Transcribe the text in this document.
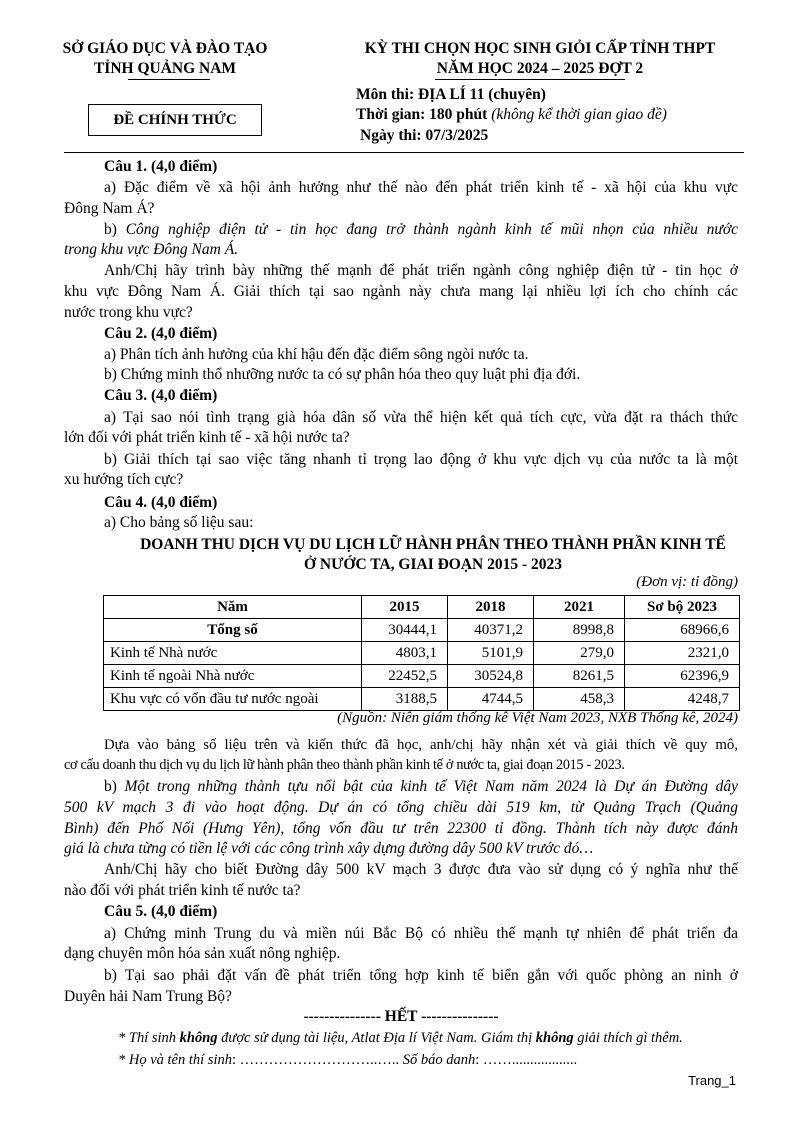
SỞ GIÁO DỤC VÀ ĐÀO TẠO
TỈNH QUẢNG NAM
KỲ THI CHỌN HỌC SINH GIỎI CẤP TỈNH THPT
NĂM HỌC 2024 – 2025 ĐỢT 2
ĐỀ CHÍNH THỨC
Môn thi: ĐỊA LÍ 11 (chuyên)
Thời gian: 180 phút (không kể thời gian giao đề)
Ngày thi: 07/3/2025
Câu 1. (4,0 điểm)
a) Đặc điểm về xã hội ảnh hưởng như thế nào đến phát triển kinh tế - xã hội của khu vực
Đông Nam Á?
b) Công nghiệp điện tử - tin học đang trở thành ngành kinh tế mũi nhọn của nhiều nước
trong khu vực Đông Nam Á.
Anh/Chị hãy trình bày những thế mạnh để phát triển ngành công nghiệp điện tử - tin học ở
khu vực Đông Nam Á. Giải thích tại sao ngành này chưa mang lại nhiều lợi ích cho chính các
nước trong khu vực?
Câu 2. (4,0 điểm)
a) Phân tích ảnh hưởng của khí hậu đến đặc điểm sông ngòi nước ta.
b) Chứng minh thổ nhưỡng nước ta có sự phân hóa theo quy luật phi địa đới.
Câu 3. (4,0 điểm)
a) Tại sao nói tình trạng già hóa dân số vừa thể hiện kết quả tích cực, vừa đặt ra thách thức
lớn đối với phát triển kinh tế - xã hội nước ta?
b) Giải thích tại sao việc tăng nhanh tỉ trọng lao động ở khu vực dịch vụ của nước ta là một
xu hướng tích cực?
Câu 4. (4,0 điểm)
a) Cho bảng số liệu sau:
DOANH THU DỊCH VỤ DU LỊCH LỮ HÀNH PHÂN THEO THÀNH PHẦN KINH TẾ
Ở NƯỚC TA, GIAI ĐOẠN 2015 - 2023
(Đơn vị: tỉ đồng)
Năm	2015	2018	2021	Sơ bộ 2023
Tổng số	30444,1	40371,2	8998,8	68966,6
Kinh tế Nhà nước	4803,1	5101,9	279,0	2321,0
Kinh tế ngoài Nhà nước	22452,5	30524,8	8261,5	62396,9
Khu vực có vốn đầu tư nước ngoài	3188,5	4744,5	458,3	4248,7
(Nguồn: Niên giám thống kê Việt Nam 2023, NXB Thống kê, 2024)
Dựa vào bảng số liệu trên và kiến thức đã học, anh/chị hãy nhận xét và giải thích về quy mô,
cơ cấu doanh thu dịch vụ du lịch lữ hành phân theo thành phần kinh tế ở nước ta, giai đoạn 2015 - 2023.
b) Một trong những thành tựu nổi bật của kinh tế Việt Nam năm 2024 là Dự án Đường dây
500 kV mạch 3 đi vào hoạt động. Dự án có tổng chiều dài 519 km, từ Quảng Trạch (Quảng
Bình) đến Phố Nối (Hưng Yên), tổng vốn đầu tư trên 22300 tỉ đồng. Thành tích này được đánh
giá là chưa từng có tiền lệ với các công trình xây dựng đường dây 500 kV trước đó…
Anh/Chị hãy cho biết Đường dây 500 kV mạch 3 được đưa vào sử dụng có ý nghĩa như thế
nào đối với phát triển kinh tế nước ta?
Câu 5. (4,0 điểm)
a) Chứng minh Trung du và miền núi Bắc Bộ có nhiều thế mạnh tự nhiên để phát triển đa
dạng chuyên môn hóa sản xuất nông nghiệp.
b) Tại sao phải đặt vấn đề phát triển tổng hợp kinh tế biển gắn với quốc phòng an ninh ở
Duyên hải Nam Trung Bộ?
--------------- HẾT ---------------
* Thí sinh không được sử dụng tài liệu, Atlat Địa lí Việt Nam. Giám thị không giải thích gì thêm.
* Họ và tên thí sinh: ………………………..….. Số báo danh: ……..................
Trang_1
